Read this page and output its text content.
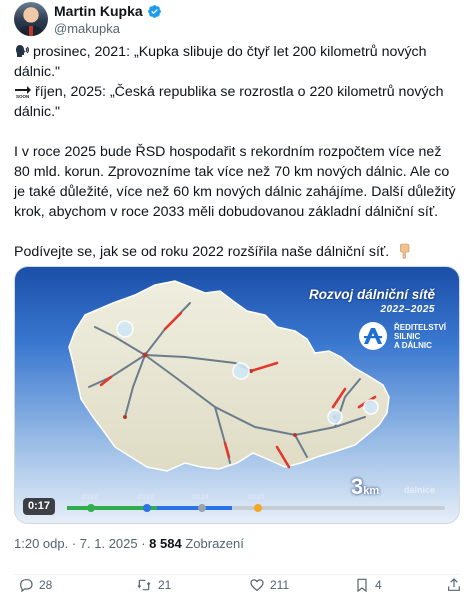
Martin Kupka
@makupka
prosinec, 2021: „Kupka slibuje do čtyř let 200 kilometrů nových dálnic."
SOON říjen, 2025: „Česká republika se rozrostla o 220 kilometrů nových dálnic."
I v roce 2025 bude ŘSD hospodařit s rekordním rozpočtem více než 80 mld. korun. Zprovozníme tak více než 70 km nových dálnic. Ale co je také důležité, více než 60 km nových dálnic zahájíme. Další důležitý krok, abychom v roce 2033 měli dobudovanou základní dálniční síť.
Podívejte se, jak se od roku 2022 rozšířila naše dálniční síť.
Rozvoj dálniční sítě
2022–2025
ŘEDITELSTVÍ
SILNIC
A DÁLNIC
3km	dálnice
2022	2023	2024	2025
0:17
1:20 odp. · 7. 1. 2025 · 8 584 Zobrazení
28	21	211	4
